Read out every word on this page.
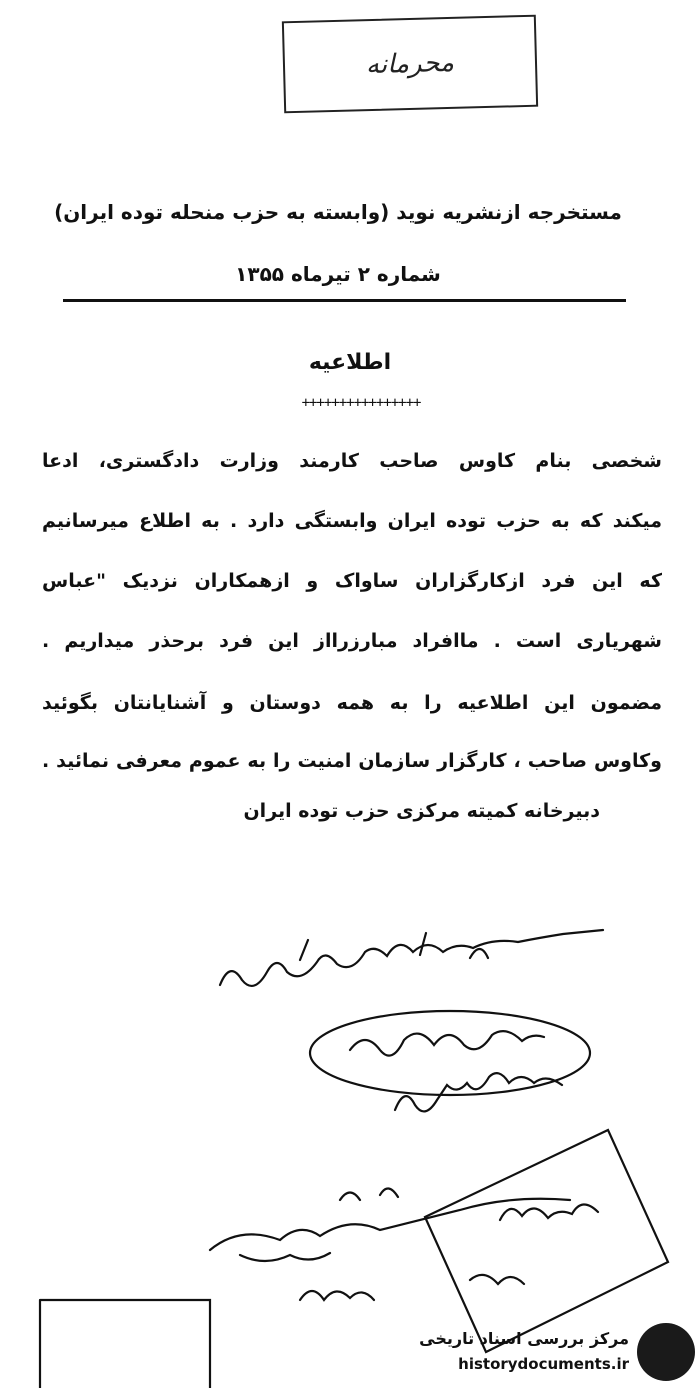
محرمانه
مستخرجه ازنشریه نوید (وابسته به حزب منحله توده ایران)
شماره ۲ تیرماه ۱۳۵۵
اطلاعیه
++++++++++++++++
شخصی بنام کاوس صاحب کارمند وزارت دادگستری، ادعا
میکند که به حزب توده ایران وابستگی دارد . به اطلاع میرسانیم
که این فرد ازکارگزاران ساواک و ازهمکاران نزدیک "عباس
شهریاری است . ماافراد مبارزرااز این فرد برحذر میداریم .
مضمون این اطلاعیه را به همه دوستان و آشنایانتان بگوئید
وکاوس صاحب ، کارگزار سازمان امنیت را به عموم معرفی نمائید .
دبیرخانه کمیته مرکزی حزب توده ایران
مرکز بررسی اسناد تاریخی
historydocuments.ir
